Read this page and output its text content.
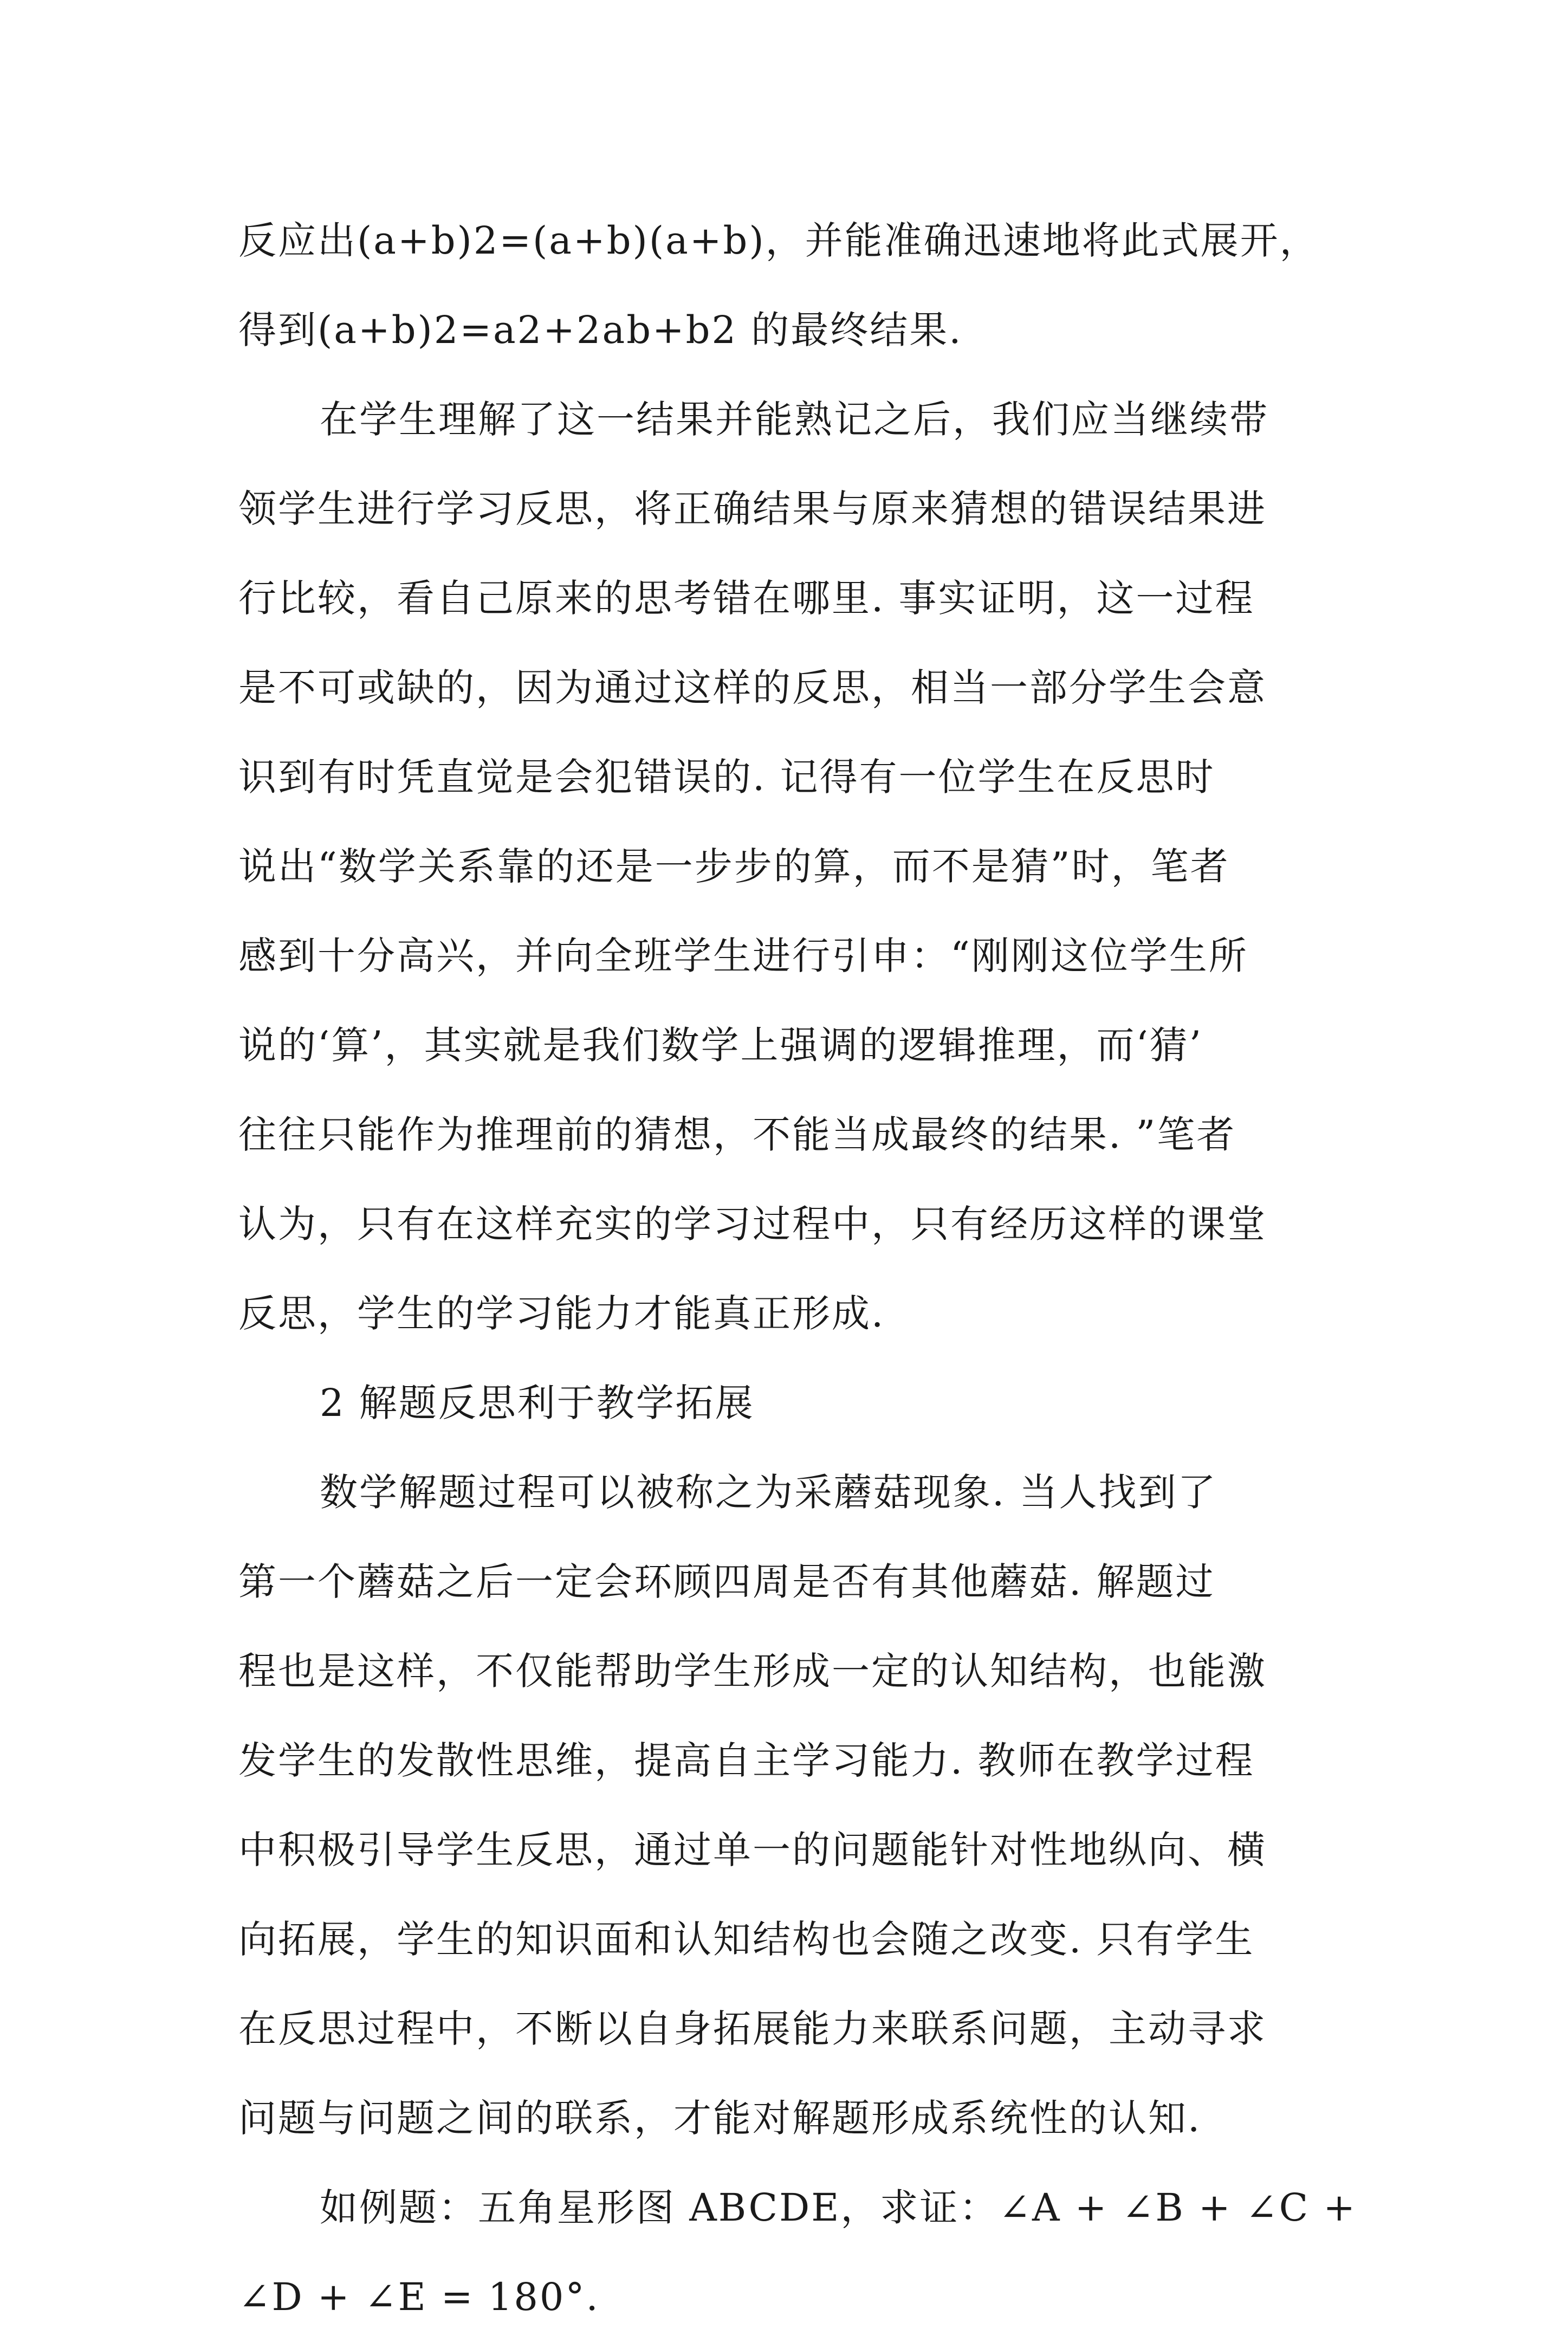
反应出(a+b)2=(a+b)(a+b)，并能准确迅速地将此式展开，
得到(a+b)2=a2+2ab+b2 的最终结果.
在学生理解了这一结果并能熟记之后，我们应当继续带
领学生进行学习反思，将正确结果与原来猜想的错误结果进
行比较，看自己原来的思考错在哪里. 事实证明，这一过程
是不可或缺的，因为通过这样的反思，相当一部分学生会意
识到有时凭直觉是会犯错误的. 记得有一位学生在反思时
说出“数学关系靠的还是一步步的算，而不是猜”时，笔者
感到十分高兴，并向全班学生进行引申：“刚刚这位学生所
说的‘算’，其实就是我们数学上强调的逻辑推理，而‘猜’
往往只能作为推理前的猜想，不能当成最终的结果. ”笔者
认为，只有在这样充实的学习过程中，只有经历这样的课堂
反思，学生的学习能力才能真正形成.
2 解题反思利于教学拓展
数学解题过程可以被称之为采蘑菇现象. 当人找到了
第一个蘑菇之后一定会环顾四周是否有其他蘑菇. 解题过
程也是这样，不仅能帮助学生形成一定的认知结构，也能激
发学生的发散性思维，提高自主学习能力. 教师在教学过程
中积极引导学生反思，通过单一的问题能针对性地纵向、横
向拓展，学生的知识面和认知结构也会随之改变. 只有学生
在反思过程中，不断以自身拓展能力来联系问题，主动寻求
问题与问题之间的联系，才能对解题形成系统性的认知.
如例题：五角星形图 ABCDE，求证：∠A + ∠B + ∠C +
∠D + ∠E = 180°.
